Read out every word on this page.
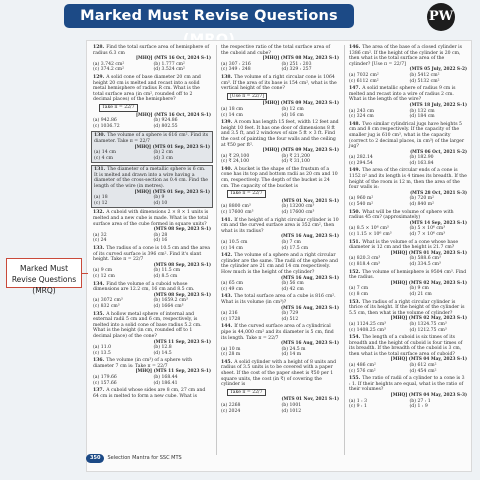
Marked Must Revise Questions	PW
128. Find the total surface area of hemisphere of radius 6.3 cm
[MHQ] (MTS 16 Oct, 2024 S-1)
(a) 3.742 cm²	(b) 1.777 cm²
(c) 374.2 cm²	(d) 3.524 cm²
129. A solid cone of base diameter 20 cm and height 20 cm is melted and recast into a solid metal hemisphere of radius R cm. What is the total surface area (in cm², rounded off to 2 decimal places) of the hemisphere?
Take π = 22/7
[MHQ] (MTS 16 Oct, 2024 S-1)
(a) 942.86	(b) 924.86
(c) 1036.72	(d) 802.55
130. The volume of a sphere is 616 cm². Find its diameter. Take π = 22/7
[MHQ] (MTS 01 Sep, 2023 S-1)
(a) 14 cm	(b) 2 cm
(c) 4 cm	(d) 3 cm
131. The diameter of a metallic sphere is 6 cm. It is melted and drawn into a wire having a diameter of the cross-section as 0.4 cm. Find the length of the wire (in metres).
[MHQ] (MTS 01 Sep, 2023 S-1)
(a) 18	(b) 9
(c) 12	(d) 10
132. A cuboid with dimensions 2 × 8 × 1 units is melted and a new cube is made. What is the total surface area of the cube formed in square units?
(MTS 08 Sep, 2023 S-1)
(a) 32	(b) 28
(c) 24	(d) 16
133. The radius of a cone is 10.5 cm and the area of its curved surface is 396 cm². Find it's slant height. Take π = 22/7
(MTS 08 Sep, 2023 S-1)
(a) 9 cm	(b) 11.5 cm
(c) 12 cm	(d) 8.5 cm
134. Find the volume of a cuboid whose dimensions are 12.2 cm, 16 cm and 8.5 cm.
(MTS 08 Sep, 2023 S-1)
(a) 3072 cm³	(b) 1659.2 cm³
(c) 832 cm³	(d) 1664 cm³
135. A hollow metal sphere of internal and external radii 5 cm and 6 cm, respectively, is melted into a solid cone of base radius 5.2 cm. What is the height (in cm, rounded off to 1 decimal place) of the cone?
(MTS 11 Sep, 2023 S-1)
(a) 11.0	(b) 12.8
(c) 13.5	(d) 14.5
136. The volume (in cm³) of a sphere with diameter 7 cm is: Take π = 22/7
[MHQ] (MTS 11 Sep, 2023 S-1)
(a) 179.66	(b) 168.44
(c) 157.66	(d) 186.41
137. A cuboid whose sides are 8 cm, 27 cm and 64 cm is melted to form a new cube. What is
the respective ratio of the total surface area of the cuboid and cube?
[MHQ] (MTS 08 May, 2023 S-1)
(a) 307 : 216	(b) 251 : 203
(c) 349 : 248	(d) 329 : 257
138. The volume of a right circular cone is 1064 cm³. If the area of its base is 154 cm², what is the vertical height of the cone?
[Use π = 22/7]
[MHQ] (MTS 09 May, 2023 S-1)
(a) 18 cm	(b) 12 cm
(c) 14 cm	(d) 16 cm
139. A room has length 15 feet, width 12 feet and height 10 feet. It has one door of dimensions 8 ft and 3.5 ft, and 2 windows of size 5 ft × 3 ft. Find the cost of painting the four walls and the ceiling at ₹50 per ft².
[MHQ] (MTS 09 May, 2023 S-1)
(a) ₹ 29,100	(b) ₹ 21,200
(c) ₹ 24,100	(d) ₹ 31,100
140. A bucket is the shape of the frustum of a cone has its top and bottom radii as 20 cm and 10 cm, respectively. The depth of the bucket is 24 cm. The capacity of the bucket is
Take π = 22/7
(MTS 01 Nov, 2021 S-1)
(a) 8800 cm³	(b) 13200 cm³
(c) 17600 cm³	(d) 17600 cm³
141. If the height of a right circular cylinder is 10 cm and the curved surface area is 352 cm², then what is its radius?
(MTS 16 Aug, 2023 S-1)
(a) 10.5 cm	(b) 7 cm
(c) 14 cm	(d) 17.5 cm
142. The volume of a sphere and a right circular cylinder are the same. The radii of the sphere and the cylinder are 21 cm and 14 cm respectively. How much is the height of the cylinder?
(MTS 16 Aug, 2023 S-1)
(a) 65 cm	(b) 56 cm
(c) 49 cm	(d) 42 cm
143. The total surface area of a cube is 816 cm². What is its volume (in cm³)?
(MTS 16 Aug, 2023 S-1)
(a) 216	(b) 729
(c) 1728	(d) 512
144. If the curved surface area of a cylindrical pipe is 44,000 cm² and its diameter is 5 cm, find its length. Take π = 22/7
(MTS 16 Aug, 2023 S-1)
(a) 10 m	(b) 24.5 m
(c) 28 m	(d) 14 m
145. A solid cylinder with a height of 8 units and radius of 3.5 units is to be covered with a paper sheet. If the cost of the paper sheet is ₹50 per 1 square units, the cost (in ₹) of covering the cylinder is
Take π = 22/7
(MTS 01 Nov, 2021 S-1)
(a) 2268	(b) 1001
(c) 2024	(d) 1012
146. The area of the base of a closed cylinder is 1386 cm². If the height of the cylinder is 20 cm, then what is the total surface area of the cylinder? [Use π = 22/7]
(MTS 05 July, 2022 S-2)
(a) 7032 cm²	(b) 5412 cm²
(c) 6112 cm²	(d) 5132 cm²
147. A solid metallic sphere of radius 9 cm is melted and recast into a wire of radius 2 cm. What is the length of the wire?
(MTS 18 July, 2022 S-1)
(a) 243 cm	(b) 132 cm
(c) 324 cm	(d) 184 cm
148. Two similar cylindrical jugs have heights 5 cm and 8 cm respectively. If the capacity of the smaller jug is 610 cm³, what is the capacity (correct to 2 decimal places, in cm³) of the larger jug?
(MTS 06 Oct, 2021 S-2)
(a) 282.14	(b) 182.90
(c) 294.54	(d) 163.84
149. The area of the circular ends of a cone is 1152 π² and its length is 4 times its breadth. If the height of the room is 12 m, then the area of the four walls is:
(MTS 28 Oct, 2021 S-3)
(a) 960 m²	(b) 720 m²
(c) 540 m²	(d) 840 m²
150. What will be the volume of sphere with radius 45 cm? (approximately)
(MTS 14 Sep, 2023 S-1)
(a) 8.5 × 10⁶ cm³	(b) 5 × 10⁶ cm³
(c) 1.15 × 10⁶ cm³	(d) 7 × 10⁶ cm³
151. What is the volume of a cone whose base diameter is 12 cm and the height is 21.7 cm?
[MHQ] (MTS 01 May, 2023 S-1)
(a) 820.3 cm³	(b) 588.6 cm³
(c) 818.4 cm³	(d) 334.5 cm³
152. The volume of hemisphere is 9504 cm³. Find the radius.
[MHQ] (MTS 02 May, 2023 S-1)
(a) 7 cm	(b) 9 cm
(c) 8 cm	(d) 21 cm
153. The radius of a right circular cylinder is thrice of its height. If the height of the cylinder is 5.5 cm, then what is the volume of cylinder?
[MHQ] (MTS 02 May, 2023 S-1)
(a) 1124.25 cm³	(b) 1324.75 cm³
(c) 1408.25 cm³	(d) 1212.75 cm³
154. The length of a cuboid is six times of its breadth and the height of cuboid is four times of its breadth. If the breadth of the cuboid is 3 cm, then what is the total surface area of cuboid?
[MHQ] (MTS 04 May, 2023 S-1)
(a) 486 cm²	(b) 612 cm²
(c) 576 cm²	(d) 454 cm²
155. The ratio of radii of a cylinder to a cone is 3 : 1. If their heights are equal, what is the ratio of their volumes?
[MHQ] (MTS 04 May, 2023 S-3)
(a) 1 : 3	(b) 27 : 1
(c) 9 : 1	(d) 1 : 9
Marked Must Revise Questions (MRQ)
350 Selection Mantra for SSC MTS
